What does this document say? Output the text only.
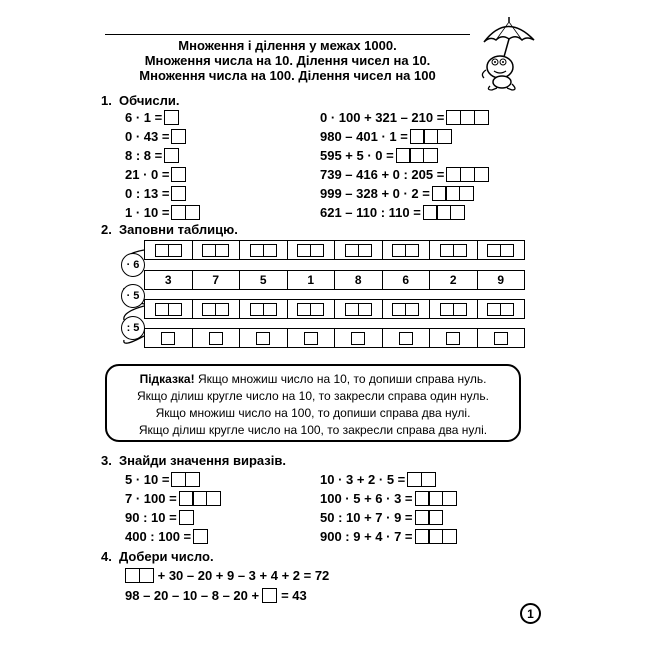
Множення і ділення у межах 1000.
Множення числа на 10. Ділення чисел на 10.
Множення числа на 100. Ділення чисел на 100
1. Обчисли.
6 · 1 =
0 · 43 =
8 : 8 =
21 · 0 =
0 : 13 =
1 · 10 =
0 · 100 + 321 – 210 =
980 – 401 · 1 =
595 + 5 · 0 =
739 – 416 + 0 : 205 =
999 – 328 + 0 · 2 =
621 – 110 : 110 =
2. Заповни таблицю.
3	7	5	1	8	6	2	9
· 6
· 5
: 5
Підказка! Якщо множиш число на 10, то допиши справа нуль.
Якщо ділиш кругле число на 10, то закресли справа один нуль.
Якщо множиш число на 100, то допиши справа два нулі.
Якщо ділиш кругле число на 100, то закресли справа два нулі.
3. Знайди значення виразів.
5 · 10 =
7 · 100 =
90 : 10 =
400 : 100 =
10 · 3 + 2 · 5 =
100 · 5 + 6 · 3 =
50 : 10 + 7 · 9 =
900 : 9 + 4 · 7 =
4. Добери число.
+ 30 – 20 + 9 – 3 + 4 + 2 = 72
98 – 20 – 10 – 8 – 20 + = 43
1
